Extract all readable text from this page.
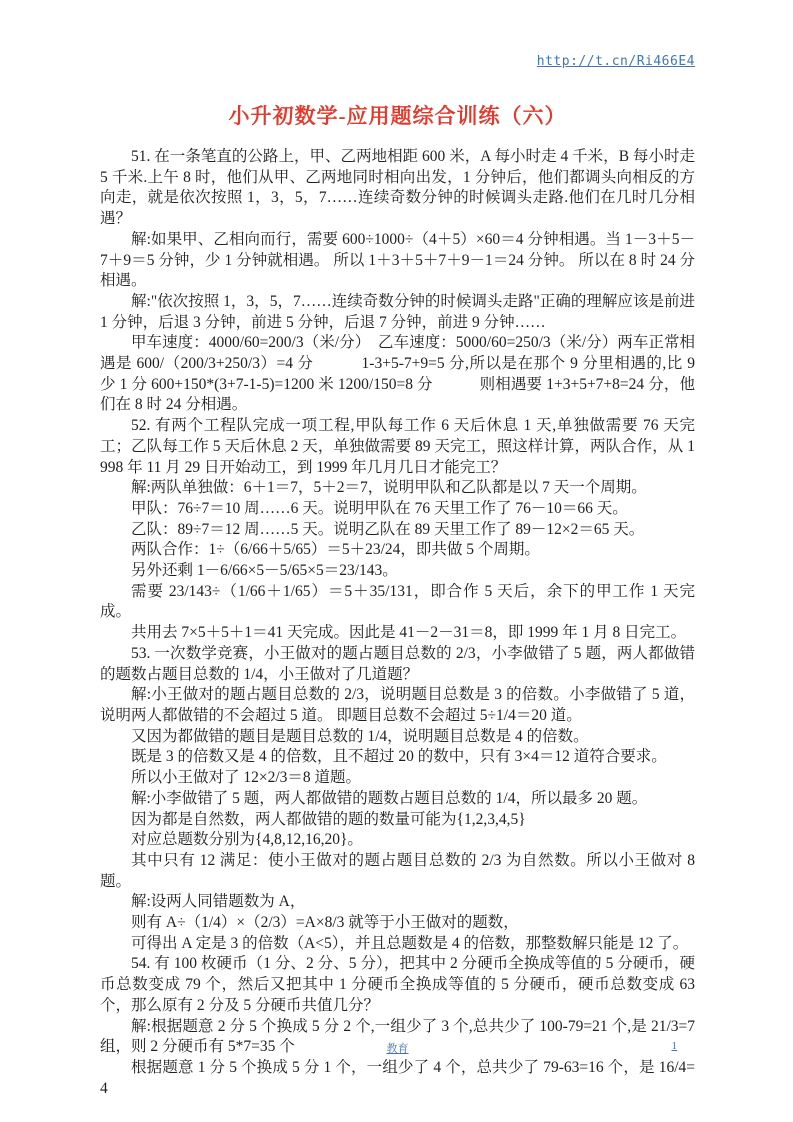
http://t.cn/Ri466E4
小升初数学-应用题综合训练（六）

51. 在一条笔直的公路上，甲、乙两地相距 600 米，A 每小时走 4 千米，B 每小时走 5 千米.上午 8 时，他们从甲、乙两地同时相向出发，1 分钟后，他们都调头向相反的方向走，就是依次按照 1，3，5，7……连续奇数分钟的时候调头走路.他们在几时几分相遇？

解:如果甲、乙相向而行，需要 600÷1000÷（4＋5）×60＝4 分钟相遇。当 1－3＋5－7＋9＝5 分钟，少 1 分钟就相遇。 所以 1＋3＋5＋7＋9－1＝24 分钟。 所以在 8 时 24 分相遇。

解:"依次按照 1，3，5，7……连续奇数分钟的时候调头走路"正确的理解应该是前进 1 分钟，后退 3 分钟，前进 5 分钟，后退 7 分钟，前进 9 分钟……

甲车速度：4000/60=200/3（米/分）　乙车速度：5000/60=250/3（米/分）两车正常相遇是 600/（200/3+250/3）=4 分　　　1-3+5-7+9=5 分,所以是在那个 9 分里相遇的,比 9 少 1 分 600+150*(3+7-1-5)=1200 米 1200/150=8 分　　　则相遇要 1+3+5+7+8=24 分，他们在 8 时 24 分相遇。

52. 有两个工程队完成一项工程,甲队每工作 6 天后休息 1 天,单独做需要 76 天完工；乙队每工作 5 天后休息 2 天，单独做需要 89 天完工，照这样计算，两队合作，从 1998 年 11 月 29 日开始动工，到 1999 年几月几日才能完工？

解:两队单独做：6＋1＝7，5＋2＝7，说明甲队和乙队都是以 7 天一个周期。

甲队：76÷7＝10 周……6 天。说明甲队在 76 天里工作了 76－10＝66 天。

乙队：89÷7＝12 周……5 天。说明乙队在 89 天里工作了 89－12×2＝65 天。

两队合作：1÷（6/66＋5/65）＝5＋23/24，即共做 5 个周期。

另外还剩 1－6/66×5－5/65×5＝23/143。

需要 23/143÷（1/66＋1/65）＝5＋35/131，即合作 5 天后，余下的甲工作 1 天完成。

共用去 7×5＋5＋1＝41 天完成。因此是 41－2－31＝8，即 1999 年 1 月 8 日完工。

53. 一次数学竞赛，小王做对的题占题目总数的 2/3，小李做错了 5 题，两人都做错的题数占题目总数的 1/4，小王做对了几道题？

解:小王做对的题占题目总数的 2/3，说明题目总数是 3 的倍数。小李做错了 5 道，说明两人都做错的不会超过 5 道。 即题目总数不会超过 5÷1/4＝20 道。

又因为都做错的题目是题目总数的 1/4，说明题目总数是 4 的倍数。

既是 3 的倍数又是 4 的倍数，且不超过 20 的数中，只有 3×4＝12 道符合要求。

所以小王做对了 12×2/3＝8 道题。

解:小李做错了 5 题，两人都做错的题数占题目总数的 1/4，所以最多 20 题。

因为都是自然数，两人都做错的题的数量可能为{1,2,3,4,5}

对应总题数分别为{4,8,12,16,20}。

其中只有 12 满足：使小王做对的题占题目总数的 2/3 为自然数。所以小王做对 8 题。

解:设两人同错题数为 A，

则有 A÷（1/4）×（2/3）=A×8/3 就等于小王做对的题数，

可得出 A 定是 3 的倍数（A<5），并且总题数是 4 的倍数，那整数解只能是 12 了。

54. 有 100 枚硬币（1 分、2 分、5 分），把其中 2 分硬币全换成等值的 5 分硬币，硬币总数变成 79 个，然后又把其中 1 分硬币全换成等值的 5 分硬币，硬币总数变成 63 个，那么原有 2 分及 5 分硬币共值几分？

解:根据题意 2 分 5 个换成 5 分 2 个,一组少了 3 个,总共少了 100-79=21 个,是 21/3=7 组，则 2 分硬币有 5*7=35 个

根据题意 1 分 5 个换成 5 分 1 个，一组少了 4 个，总共少了 79-63=16 个，是 16/4=4

教育	1
